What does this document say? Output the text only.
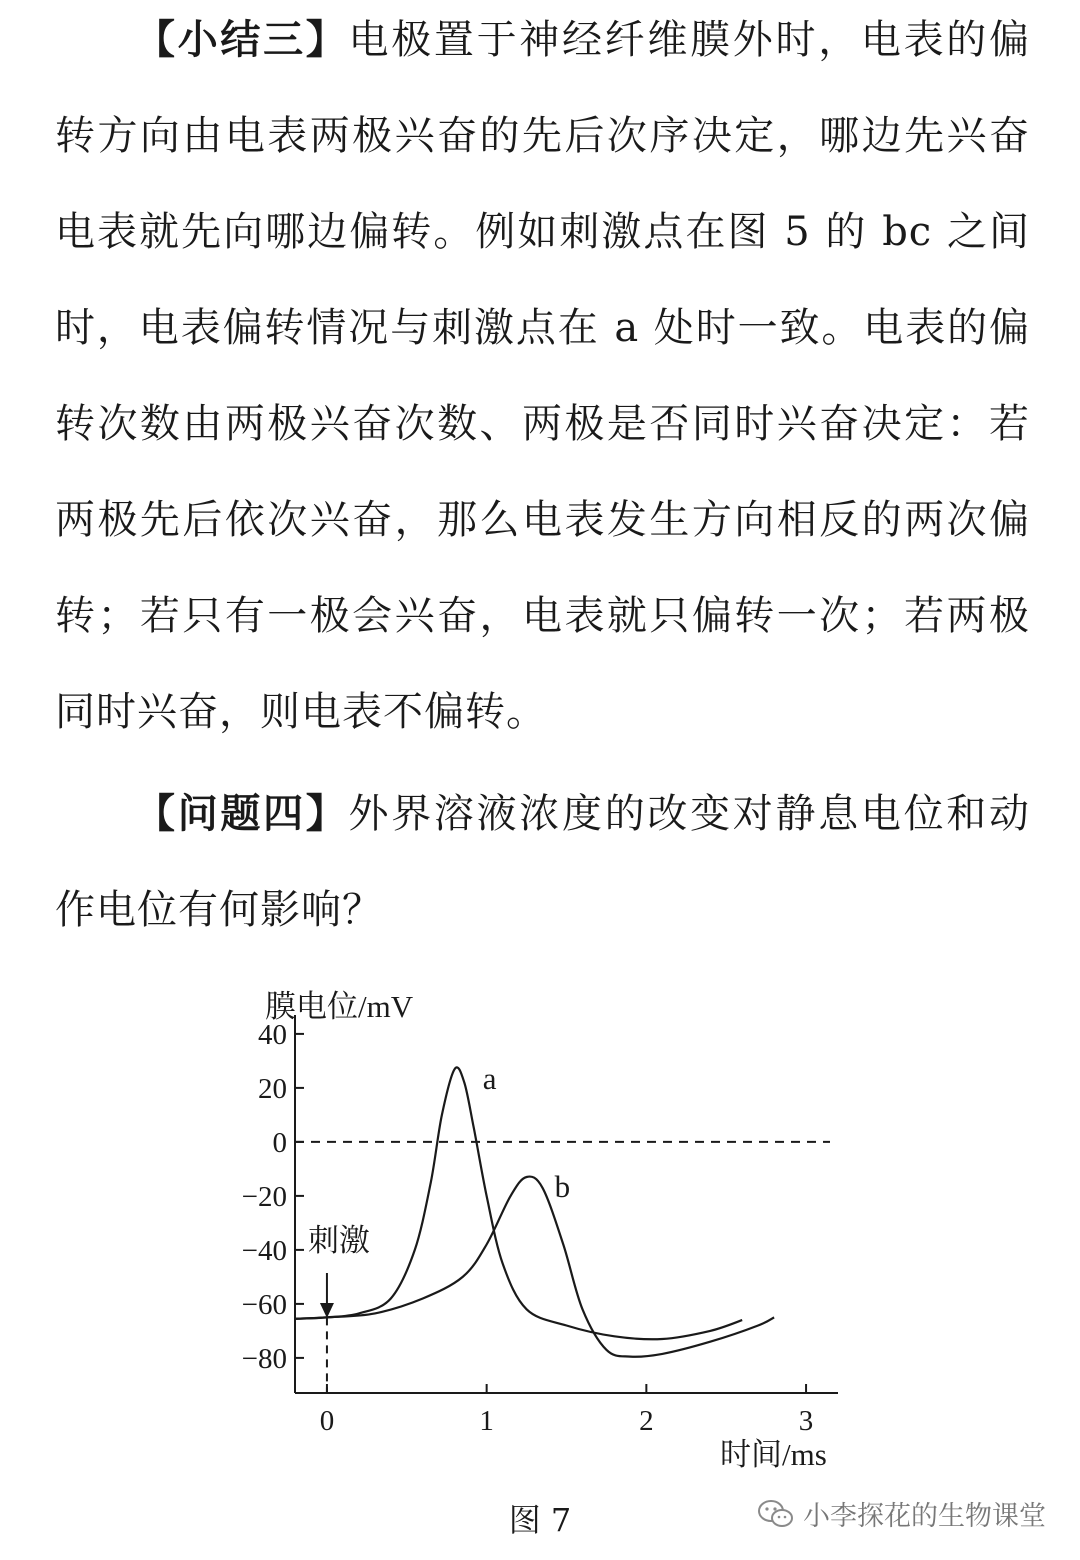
【小结三】电极置于神经纤维膜外时，电表的偏转方向由电表两极兴奋的先后次序决定，哪边先兴奋电表就先向哪边偏转。例如刺激点在图 5 的 bc 之间时，电表偏转情况与刺激点在 a 处时一致。电表的偏转次数由两极兴奋次数、两极是否同时兴奋决定：若两极先后依次兴奋，那么电表发生方向相反的两次偏转；若只有一极会兴奋，电表就只偏转一次；若两极同时兴奋，则电表不偏转。
【问题四】外界溶液浓度的改变对静息电位和动作电位有何影响？
膜电位/mV
时间/ms
40
20
0
−20
−40
−60
−80
0	1	2	3
刺激
a
b
图 7	小李探花的生物课堂
